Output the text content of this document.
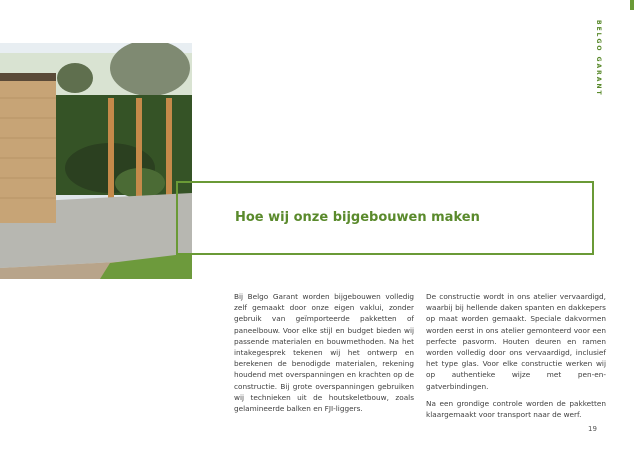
Hoe wij onze bijgebouwen maken
BELGO GARANT

Bij Belgo Garant worden bijgebouwen volledig zelf gemaakt door onze eigen vaklui, zonder gebruik van geïmporteerde pakketten of paneelbouw. Voor elke stijl en budget bieden wij passende materialen en bouwmethoden. Na het intakegesprek tekenen wij het ontwerp en berekenen de benodigde materialen, rekening houdend met overspanningen en krachten op de constructie. Bij grote overspanningen gebruiken wij technieken uit de houtskeletbouw, zoals gelamineerde balken en FJI-liggers.

De constructie wordt in ons atelier vervaardigd, waarbij bij hellende daken spanten en dakkepers op maat worden gemaakt. Speciale dakvormen worden eerst in ons atelier gemonteerd voor een perfecte pasvorm. Houten deuren en ramen worden volledig door ons vervaardigd, inclusief het type glas. Voor elke constructie werken wij op authentieke wijze met pen-en-gatverbindingen.

Na een grondige controle worden de pakketten klaargemaakt voor transport naar de werf.

19
